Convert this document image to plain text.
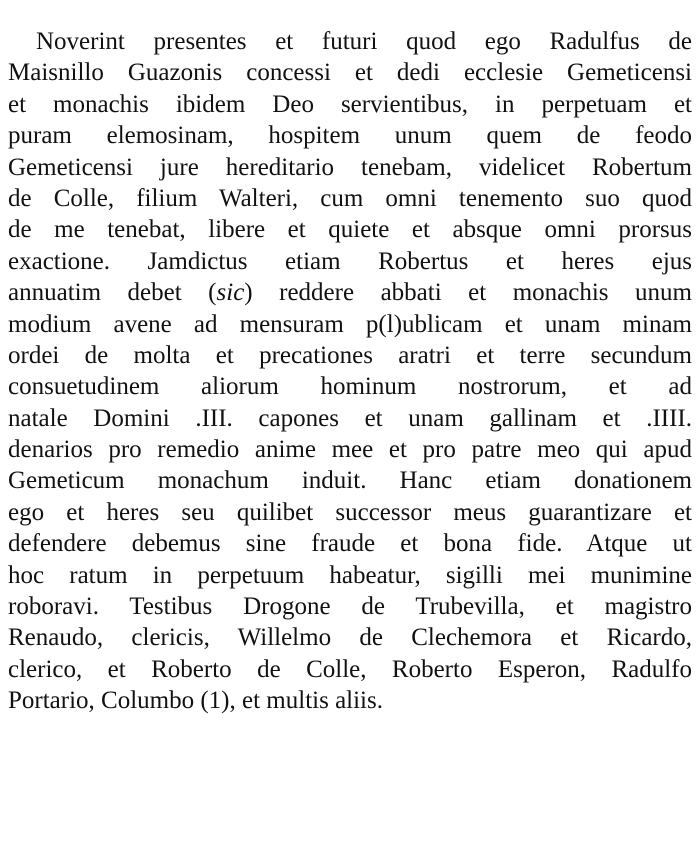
Noverint presentes et futuri quod ego Radulfus de
Maisnillo Guazonis concessi et dedi ecclesie Gemeticensi
et monachis ibidem Deo servientibus, in perpetuam et
puram elemosinam, hospitem unum quem de feodo
Gemeticensi jure hereditario tenebam, videlicet Robertum
de Colle, filium Walteri, cum omni tenemento suo quod
de me tenebat, libere et quiete et absque omni prorsus
exactione. Jamdictus etiam Robertus et heres ejus
annuatim debet (sic) reddere abbati et monachis unum
modium avene ad mensuram p(l)ublicam et unam minam
ordei de molta et precationes aratri et terre secundum
consuetudinem aliorum hominum nostrorum, et ad
natale Domini .III. capones et unam gallinam et .IIII.
denarios pro remedio anime mee et pro patre meo qui apud
Gemeticum monachum induit. Hanc etiam donationem
ego et heres seu quilibet successor meus guarantizare et
defendere debemus sine fraude et bona fide. Atque ut
hoc ratum in perpetuum habeatur, sigilli mei munimine
roboravi. Testibus Drogone de Trubevilla, et magistro
Renaudo, clericis, Willelmo de Clechemora et Ricardo,
clerico, et Roberto de Colle, Roberto Esperon, Radulfo
Portario, Columbo (1), et multis aliis.
